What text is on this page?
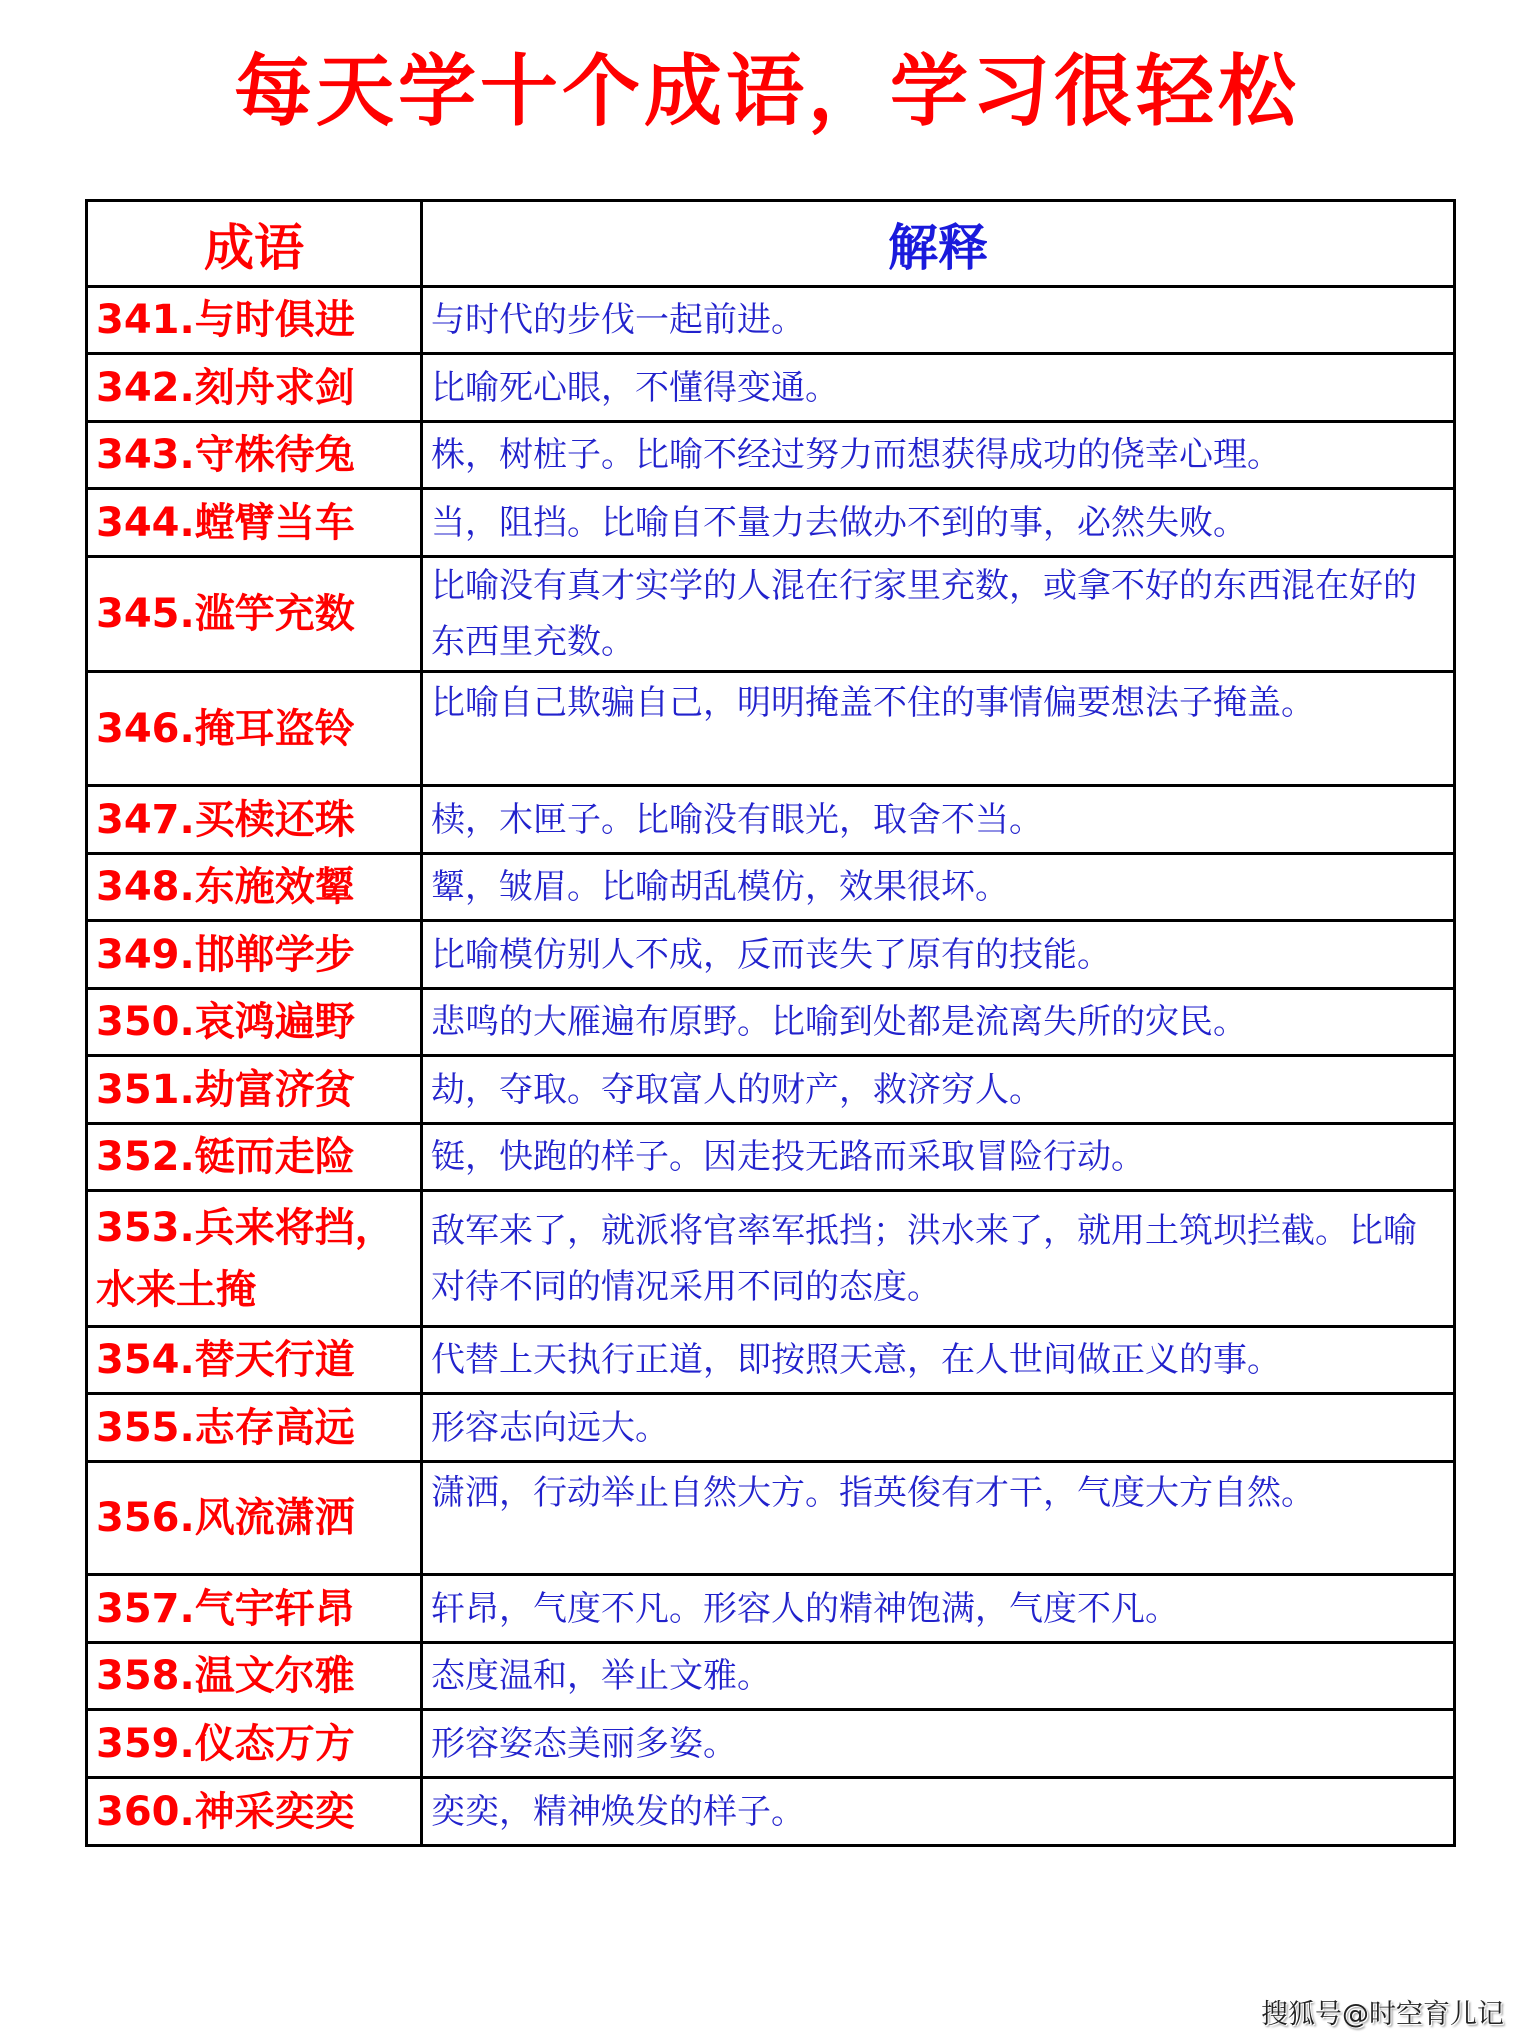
每天学十个成语，学习很轻松
成语	解释
341.与时俱进	与时代的步伐一起前进。
342.刻舟求剑	比喻死心眼，不懂得变通。
343.守株待兔	株，树桩子。比喻不经过努力而想获得成功的侥幸心理。
344.螳臂当车	当，阻挡。比喻自不量力去做办不到的事，必然失败。
345.滥竽充数	比喻没有真才实学的人混在行家里充数，或拿不好的东西混在好的东西里充数。
346.掩耳盗铃	比喻自己欺骗自己，明明掩盖不住的事情偏要想法子掩盖。
347.买椟还珠	椟，木匣子。比喻没有眼光，取舍不当。
348.东施效颦	颦，皱眉。比喻胡乱模仿，效果很坏。
349.邯郸学步	比喻模仿别人不成，反而丧失了原有的技能。
350.哀鸿遍野	悲鸣的大雁遍布原野。比喻到处都是流离失所的灾民。
351.劫富济贫	劫，夺取。夺取富人的财产，救济穷人。
352.铤而走险	铤，快跑的样子。因走投无路而采取冒险行动。
353.兵来将挡，水来土掩	敌军来了，就派将官率军抵挡；洪水来了，就用土筑坝拦截。比喻对待不同的情况采用不同的态度。
354.替天行道	代替上天执行正道，即按照天意，在人世间做正义的事。
355.志存高远	形容志向远大。
356.风流潇洒	潇洒，行动举止自然大方。指英俊有才干，气度大方自然。
357.气宇轩昂	轩昂，气度不凡。形容人的精神饱满，气度不凡。
358.温文尔雅	态度温和，举止文雅。
359.仪态万方	形容姿态美丽多姿。
360.神采奕奕	奕奕，精神焕发的样子。
搜狐号@时空育儿记
